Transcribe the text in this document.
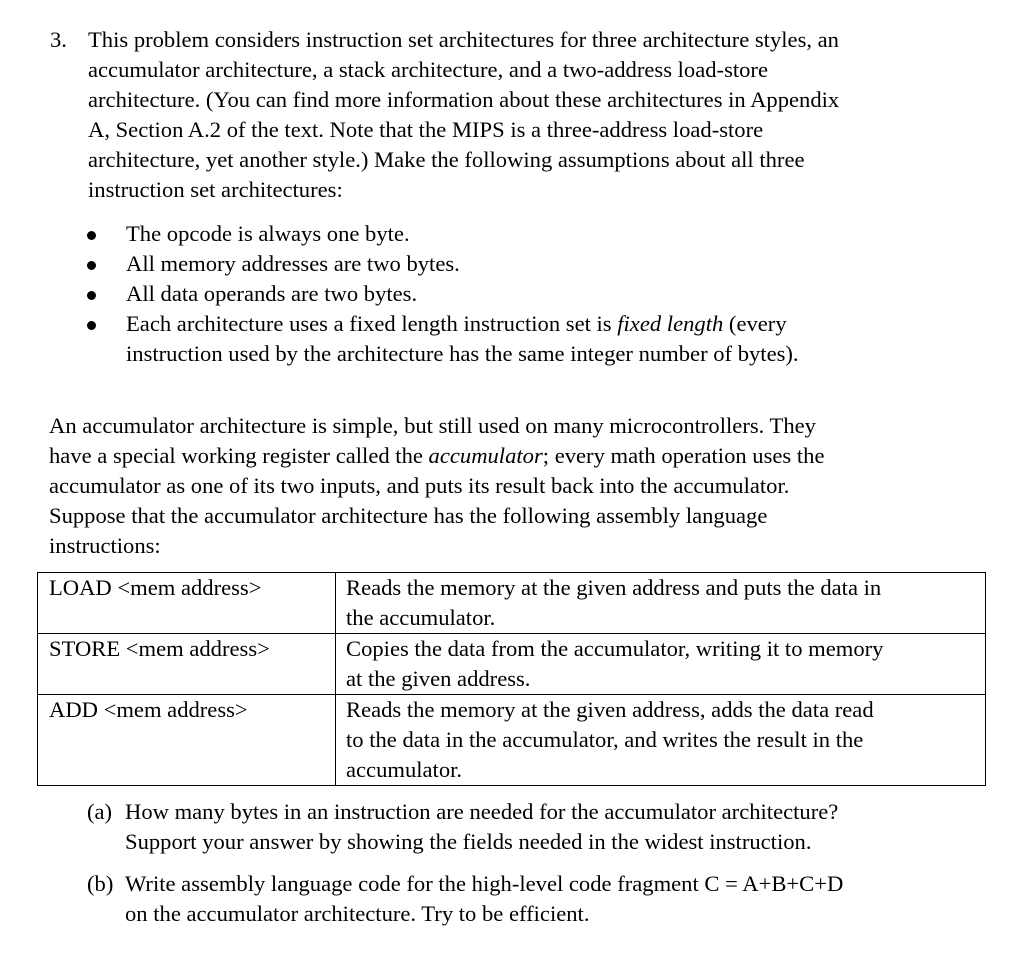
3. This problem considers instruction set architectures for three architecture styles, an
accumulator architecture, a stack architecture, and a two-address load-store
architecture. (You can find more information about these architectures in Appendix
A, Section A.2 of the text. Note that the MIPS is a three-address load-store
architecture, yet another style.) Make the following assumptions about all three
instruction set architectures:
The opcode is always one byte.
All memory addresses are two bytes.
All data operands are two bytes.
Each architecture uses a fixed length instruction set is fixed length (every
instruction used by the architecture has the same integer number of bytes).
An accumulator architecture is simple, but still used on many microcontrollers. They
have a special working register called the accumulator; every math operation uses the
accumulator as one of its two inputs, and puts its result back into the accumulator.
Suppose that the accumulator architecture has the following assembly language
instructions:
LOAD <mem address>	Reads the memory at the given address and puts the data in
the accumulator.

STORE <mem address>	Copies the data from the accumulator, writing it to memory
at the given address.

ADD <mem address>	Reads the memory at the given address, adds the data read
to the data in the accumulator, and writes the result in the
accumulator.
(a) How many bytes in an instruction are needed for the accumulator architecture?
Support your answer by showing the fields needed in the widest instruction.
(b) Write assembly language code for the high-level code fragment C = A+B+C+D
on the accumulator architecture. Try to be efficient.
